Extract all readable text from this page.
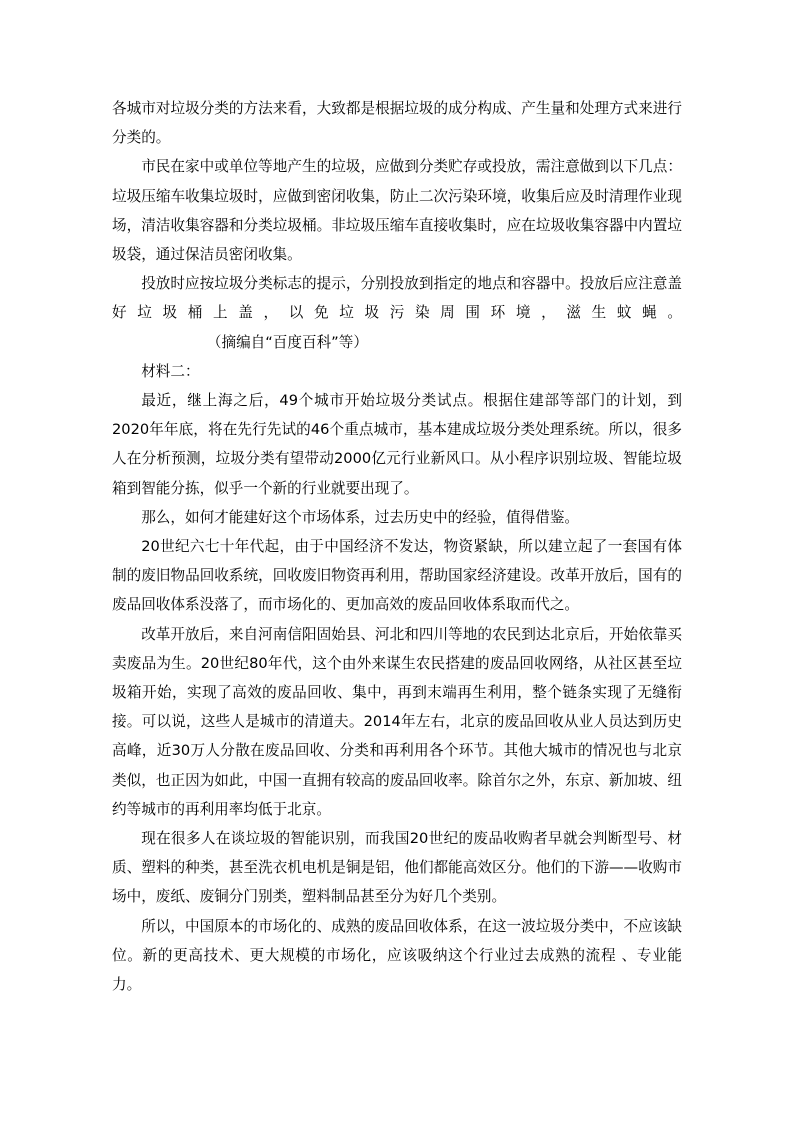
各城市对垃圾分类的方法来看，大致都是根据垃圾的成分构成、产生量和处理方式来进行分类的。

市民在家中或单位等地产生的垃圾，应做到分类贮存或投放，需注意做到以下几点：垃圾压缩车收集垃圾时，应做到密闭收集，防止二次污染环境，收集后应及时清理作业现场，清洁收集容器和分类垃圾桶。非垃圾压缩车直接收集时，应在垃圾收集容器中内置垃圾袋，通过保洁员密闭收集。

投放时应按垃圾分类标志的提示，分别投放到指定的地点和容器中。投放后应注意盖好垃圾桶上盖，以免垃圾污染周围环境，滋生蚊蝇。（摘编自“百度百科”等）

材料二：

最近，继上海之后，49个城市开始垃圾分类试点。根据住建部等部门的计划，到2020年年底，将在先行先试的46个重点城市，基本建成垃圾分类处理系统。所以，很多人在分析预测，垃圾分类有望带动2000亿元行业新风口。从小程序识别垃圾、智能垃圾箱到智能分拣，似乎一个新的行业就要出现了。

那么，如何才能建好这个市场体系，过去历史中的经验，值得借鉴。

20世纪六七十年代起，由于中国经济不发达，物资紧缺，所以建立起了一套国有体制的废旧物品回收系统，回收废旧物资再利用，帮助国家经济建设。改革开放后，国有的废品回收体系没落了，而市场化的、更加高效的废品回收体系取而代之。

改革开放后，来自河南信阳固始县、河北和四川等地的农民到达北京后，开始依靠买卖废品为生。20世纪80年代，这个由外来谋生农民搭建的废品回收网络，从社区甚至垃圾箱开始，实现了高效的废品回收、集中，再到末端再生利用，整个链条实现了无缝衔接。可以说，这些人是城市的清道夫。2014年左右，北京的废品回收从业人员达到历史高峰，近30万人分散在废品回收、分类和再利用各个环节。其他大城市的情况也与北京类似，也正因为如此，中国一直拥有较高的废品回收率。除首尔之外，东京、新加坡、纽约等城市的再利用率均低于北京。

现在很多人在谈垃圾的智能识别，而我国20世纪的废品收购者早就会判断型号、材质、塑料的种类，甚至洗衣机电机是铜是铝，他们都能高效区分。他们的下游——收购市场中，废纸、废铜分门别类，塑料制品甚至分为好几个类别。

所以，中国原本的市场化的、成熟的废品回收体系，在这一波垃圾分类中，不应该缺位。新的更高技术、更大规模的市场化，应该吸纳这个行业过去成熟的流程 、专业能力。
